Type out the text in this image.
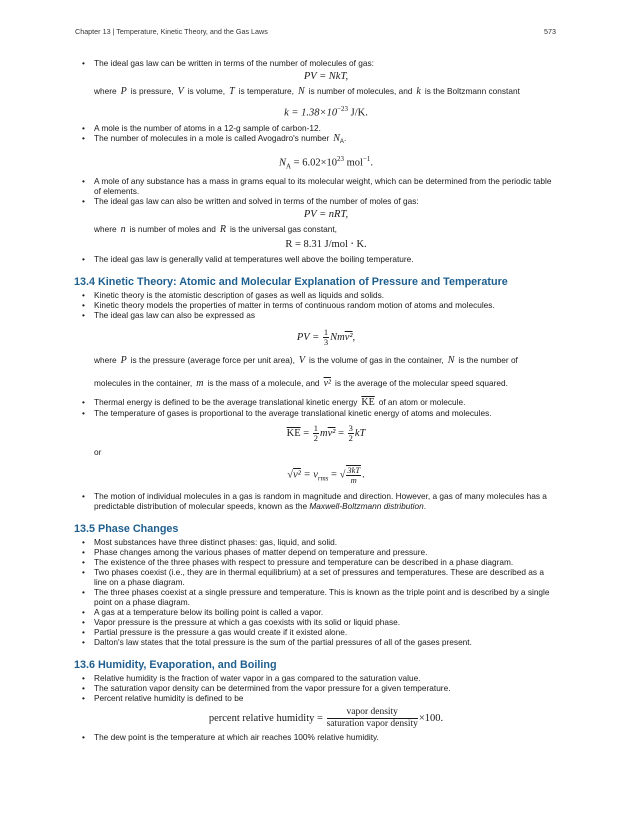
Chapter 13 | Temperature, Kinetic Theory, and the Gas Laws	573
• The ideal gas law can be written in terms of the number of molecules of gas:
PV = NkT,
where P is pressure, V is volume, T is temperature, N is number of molecules, and k is the Boltzmann constant
$k = 1.38\times 10^{-23}$ J/K.
• A mole is the number of atoms in a 12-g sample of carbon-12.
• The number of molecules in a mole is called Avogadro's number $N_A$.
$N_A = 6.02\times 10^{23}$ mol$^{-1}$.
• A mole of any substance has a mass in grams equal to its molecular weight, which can be determined from the periodic table of elements.
• The ideal gas law can also be written and solved in terms of the number of moles of gas:
PV = nRT,
where n is number of moles and R is the universal gas constant,
R = 8.31 J/mol ⋅ K.
• The ideal gas law is generally valid at temperatures well above the boiling temperature.
13.4 Kinetic Theory: Atomic and Molecular Explanation of Pressure and Temperature
• Kinetic theory is the atomistic description of gases as well as liquids and solids.
• Kinetic theory models the properties of matter in terms of continuous random motion of atoms and molecules.
• The ideal gas law can also be expressed as
PV = $\frac{1}{3} Nmv^2$,
where P is the pressure (average force per unit area), V is the volume of gas in the container, N is the number of
molecules in the container, m is the mass of a molecule, and v² is the average of the molecular speed squared.
• Thermal energy is defined to be the average translational kinetic energy $\overline{KE}$ of an atom or molecule.
• The temperature of gases is proportional to the average translational kinetic energy of atoms and molecules.
$\overline{KE} = \frac{1}{2} mv^2 = \frac{3}{2}$ kT
or
$√v^2 = v_{rms}$ = √ $\frac{3kT}{m}$ .
• The motion of individual molecules in a gas is random in magnitude and direction. However, a gas of many molecules has a predictable distribution of molecular speeds, known as the Maxwell-Boltzmann distribution.
13.5 Phase Changes
• Most substances have three distinct phases: gas, liquid, and solid.
• Phase changes among the various phases of matter depend on temperature and pressure.
• The existence of the three phases with respect to pressure and temperature can be described in a phase diagram.
• Two phases coexist (i.e., they are in thermal equilibrium) at a set of pressures and temperatures. These are described as a line on a phase diagram.
• The three phases coexist at a single pressure and temperature. This is known as the triple point and is described by a single point on a phase diagram.
• A gas at a temperature below its boiling point is called a vapor.
• Vapor pressure is the pressure at which a gas coexists with its solid or liquid phase.
• Partial pressure is the pressure a gas would create if it existed alone.
• Dalton's law states that the total pressure is the sum of the partial pressures of all of the gases present.
13.6 Humidity, Evaporation, and Boiling
• Relative humidity is the fraction of water vapor in a gas compared to the saturation value.
• The saturation vapor density can be determined from the vapor pressure for a given temperature.
• Percent relative humidity is defined to be
percent relative humidity = $\frac{\text{vapor density}}{\text{saturation vapor density}} \times 100$.
• The dew point is the temperature at which air reaches 100% relative humidity.
